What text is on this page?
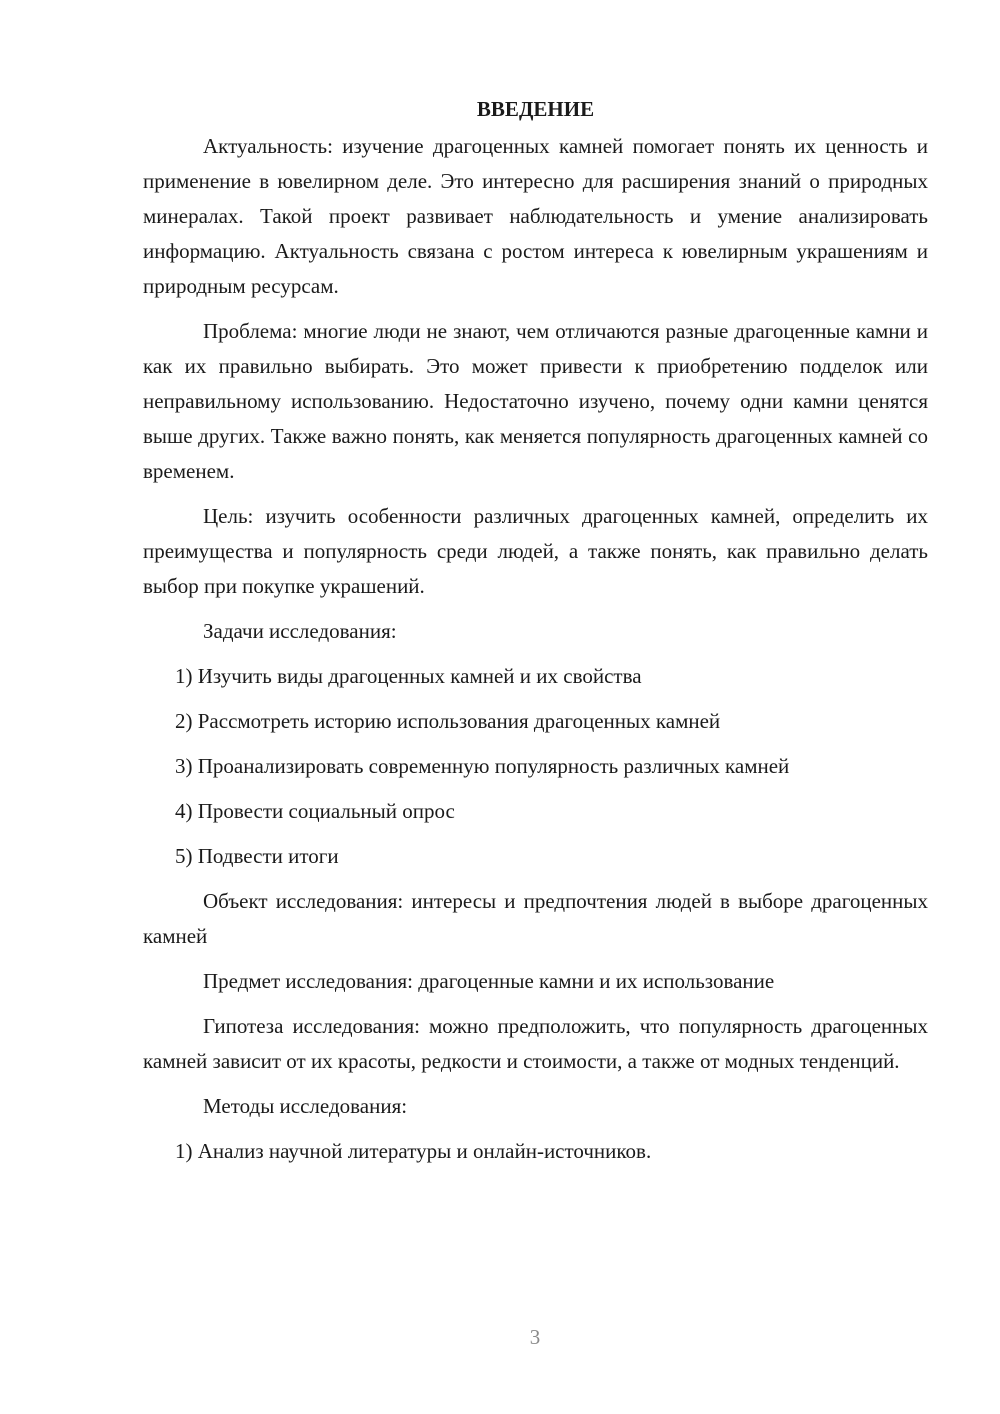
ВВЕДЕНИЕ

Актуальность: изучение драгоценных камней помогает понять их ценность и применение в ювелирном деле. Это интересно для расширения знаний о природных минералах. Такой проект развивает наблюдательность и умение анализировать информацию. Актуальность связана с ростом интереса к ювелирным украшениям и природным ресурсам.

Проблема: многие люди не знают, чем отличаются разные драгоценные камни и как их правильно выбирать. Это может привести к приобретению подделок или неправильному использованию. Недостаточно изучено, почему одни камни ценятся выше других. Также важно понять, как меняется популярность драгоценных камней со временем.

Цель: изучить особенности различных драгоценных камней, определить их преимущества и популярность среди людей, а также понять, как правильно делать выбор при покупке украшений.

Задачи исследования:

1) Изучить виды драгоценных камней и их свойства

2) Рассмотреть историю использования драгоценных камней

3) Проанализировать современную популярность различных камней

4) Провести социальный опрос

5) Подвести итоги

Объект исследования: интересы и предпочтения людей в выборе драгоценных камней

Предмет исследования: драгоценные камни и их использование

Гипотеза исследования: можно предположить, что популярность драгоценных камней зависит от их красоты, редкости и стоимости, а также от модных тенденций.

Методы исследования:

1) Анализ научной литературы и онлайн-источников.

3
